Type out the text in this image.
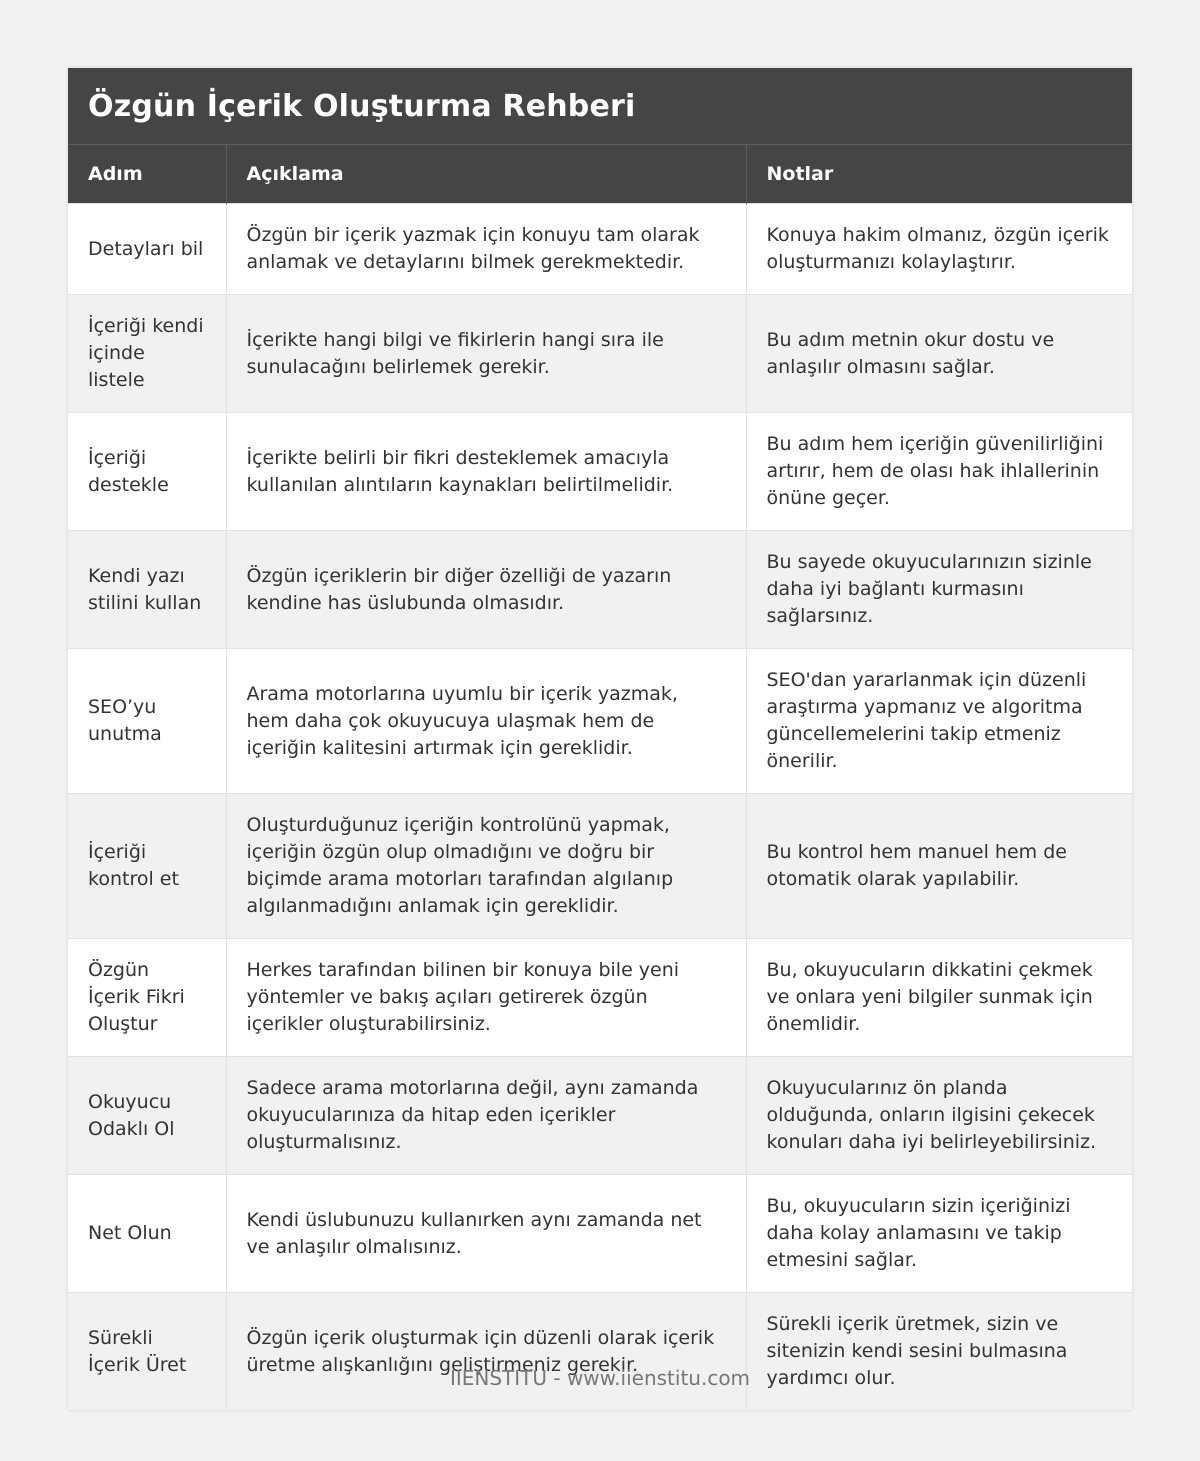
Özgün İçerik Oluşturma Rehberi
Adım	Açıklama	Notlar
Detayları bil	Özgün bir içerik yazmak için konuyu tam olarak anlamak ve detaylarını bilmek gerekmektedir.	Konuya hakim olmanız, özgün içerik oluşturmanızı kolaylaştırır.
İçeriği kendi içinde listele	İçerikte hangi bilgi ve fikirlerin hangi sıra ile sunulacağını belirlemek gerekir.	Bu adım metnin okur dostu ve anlaşılır olmasını sağlar.
İçeriği destekle	İçerikte belirli bir fikri desteklemek amacıyla kullanılan alıntıların kaynakları belirtilmelidir.	Bu adım hem içeriğin güvenilirliğini artırır, hem de olası hak ihlallerinin önüne geçer.
Kendi yazı stilini kullan	Özgün içeriklerin bir diğer özelliği de yazarın kendine has üslubunda olmasıdır.	Bu sayede okuyucularınızın sizinle daha iyi bağlantı kurmasını sağlarsınız.
SEO’yu unutma	Arama motorlarına uyumlu bir içerik yazmak, hem daha çok okuyucuya ulaşmak hem de içeriğin kalitesini artırmak için gereklidir.	SEO'dan yararlanmak için düzenli araştırma yapmanız ve algoritma güncellemelerini takip etmeniz önerilir.
İçeriği kontrol et	Oluşturduğunuz içeriğin kontrolünü yapmak, içeriğin özgün olup olmadığını ve doğru bir biçimde arama motorları tarafından algılanıp algılanmadığını anlamak için gereklidir.	Bu kontrol hem manuel hem de otomatik olarak yapılabilir.
Özgün İçerik Fikri Oluştur	Herkes tarafından bilinen bir konuya bile yeni yöntemler ve bakış açıları getirerek özgün içerikler oluşturabilirsiniz.	Bu, okuyucuların dikkatini çekmek ve onlara yeni bilgiler sunmak için önemlidir.
Okuyucu Odaklı Ol	Sadece arama motorlarına değil, aynı zamanda okuyucularınıza da hitap eden içerikler oluşturmalısınız.	Okuyucularınız ön planda olduğunda, onların ilgisini çekecek konuları daha iyi belirleyebilirsiniz.
Net Olun	Kendi üslubunuzu kullanırken aynı zamanda net ve anlaşılır olmalısınız.	Bu, okuyucuların sizin içeriğinizi daha kolay anlamasını ve takip etmesini sağlar.
Sürekli İçerik Üret	Özgün içerik oluşturmak için düzenli olarak içerik üretme alışkanlığını geliştirmeniz gerekir.	Sürekli içerik üretmek, sizin ve sitenizin kendi sesini bulmasına yardımcı olur.
IIENSTITU - www.iienstitu.com
